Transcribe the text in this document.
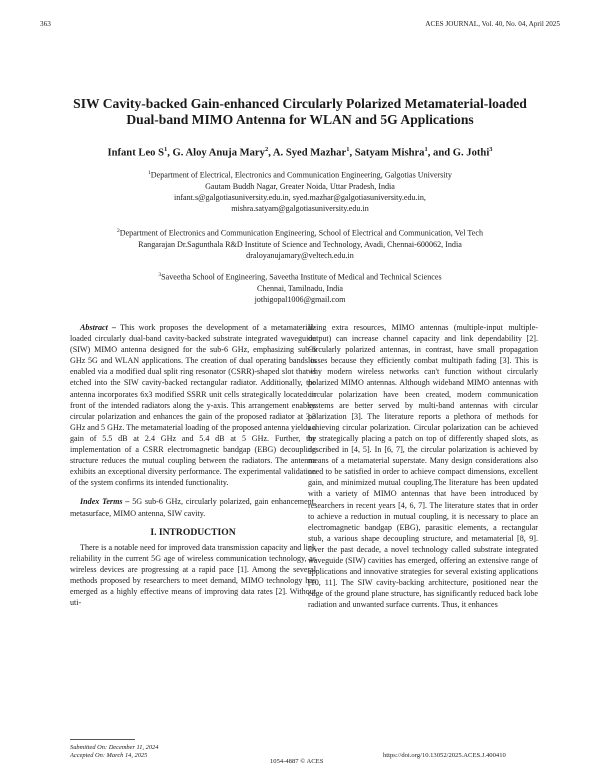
363	ACES JOURNAL, Vol. 40, No. 04, April 2025
SIW Cavity-backed Gain-enhanced Circularly Polarized Metamaterial-loaded
Dual-band MIMO Antenna for WLAN and 5G Applications
Infant Leo $S^1$, G. Aloy Anuja Mary$^2$, A. Syed Mazhar$^1$, Satyam Mishra$^1$, and G. Jothi$^3$
$^1$Department of Electrical, Electronics and Communication Engineering, Galgotias University
Gautam Buddh Nagar, Greater Noida, Uttar Pradesh, India
infant.s@galgotiasuniversity.edu.in, syed.mazhar@galgotiasuniversity.edu.in,
mishra.satyam@galgotiasuniversity.edu.in
$^2$Department of Electronics and Communication Engineering, School of Electrical and Communication, Vel Tech
Rangarajan Dr.Sagunthala R&D Institute of Science and Technology, Avadi, Chennai-600062, India
draloyanujamary@veltech.edu.in
$^3$Saveetha School of Engineering, Saveetha Institute of Medical and Technical Sciences
Chennai, Tamilnadu, India
jothigopal1006@gmail.com

Abstract – This work proposes the development of a metamaterial-loaded circularly dual-band cavity-backed substrate integrated waveguide (SIW) MIMO antenna designed for the sub-6 GHz, emphasizing sub-6 GHz 5G and WLAN applications. The creation of dual operating bands is enabled via a modified dual split ring resonator (CSRR)-shaped slot that is etched into the SIW cavity-backed rectangular radiator. Additionally, the antenna incorporates 6x3 modified SSRR unit cells strategically located in front of the intended radiators along the y-axis. This arrangement enables circular polarization and enhances the gain of the proposed radiator at 3.3 GHz and 5 GHz. The metamaterial loading of the proposed antenna yields a gain of 5.5 dB at 2.4 GHz and 5.4 dB at 5 GHz. Further, the implementation of a CSRR electromagnetic bandgap (EBG) decoupling structure reduces the mutual coupling between the radiators. The antenna exhibits an exceptional diversity performance. The experimental validation of the system confirms its intended functionality.

Index Terms – 5G sub-6 GHz, circularly polarized, gain enhancement, metasurface, MIMO antenna, SIW cavity.

I. INTRODUCTION

There is a notable need for improved data transmission capacity and link reliability in the current 5G age of wireless communication technology, as wireless devices are progressing at a rapid pace [1]. Among the several methods proposed by researchers to meet demand, MIMO technology has emerged as a highly effective means of improving data rates [2]. Without uti-

lizing extra resources, MIMO antennas (multiple-input multiple-output) can increase channel capacity and link dependability [2]. Circularly polarized antennas, in contrast, have small propagation losses because they efficiently combat multipath fading [3]. This is why modern wireless networks can't function without circularly polarized MIMO antennas. Although wideband MIMO antennas with circular polarization have been created, modern communication systems are better served by multi-band antennas with circular polarization [3]. The literature reports a plethora of methods for achieving circular polarization. Circular polarization can be achieved by strategically placing a patch on top of differently shaped slots, as described in [4, 5]. In [6, 7], the circular polarization is achieved by means of a metamaterial superstate. Many design considerations also need to be satisfied in order to achieve compact dimensions, excellent gain, and minimized mutual coupling.The literature has been updated with a variety of MIMO antennas that have been introduced by researchers in recent years [4, 6, 7]. The literature states that in order to achieve a reduction in mutual coupling, it is necessary to place an electromagnetic bandgap (EBG), parasitic elements, a rectangular stub, a various shape decoupling structure, and metamaterial [8, 9]. Over the past decade, a novel technology called substrate integrated waveguide (SIW) cavities has emerged, offering an extensive range of applications and innovative strategies for several existing applications [10, 11]. The SIW cavity-backing architecture, positioned near the edge of the ground plane structure, has significantly reduced back lobe radiation and unwanted surface currents. Thus, it enhances

Submitted On: December 11, 2024
Accepted On: March 14, 2025
1054-4887 © ACES
https://doi.org/10.13052/2025.ACES.J.400410
